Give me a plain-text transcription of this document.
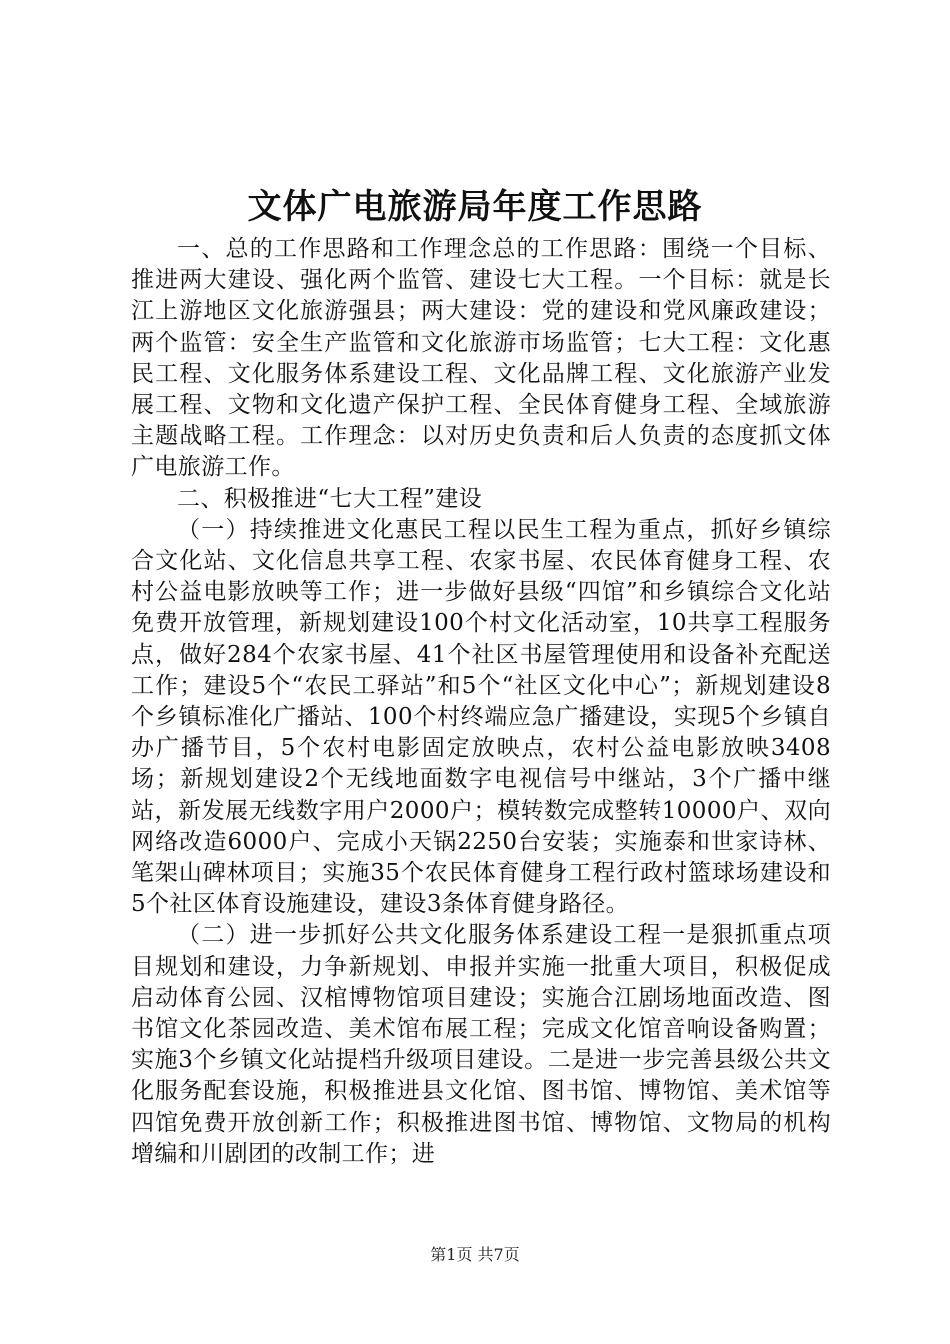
文体广电旅游局年度工作思路

一、总的工作思路和工作理念总的工作思路：围绕一个目标、推进两大建设、强化两个监管、建设七大工程。一个目标：就是长江上游地区文化旅游强县；两大建设：党的建设和党风廉政建设；两个监管：安全生产监管和文化旅游市场监管；七大工程：文化惠民工程、文化服务体系建设工程、文化品牌工程、文化旅游产业发展工程、文物和文化遗产保护工程、全民体育健身工程、全域旅游主题战略工程。工作理念：以对历史负责和后人负责的态度抓文体广电旅游工作。

二、积极推进“七大工程”建设

（一）持续推进文化惠民工程以民生工程为重点，抓好乡镇综合文化站、文化信息共享工程、农家书屋、农民体育健身工程、农村公益电影放映等工作；进一步做好县级“四馆”和乡镇综合文化站免费开放管理，新规划建设100个村文化活动室，10共享工程服务点，做好284个农家书屋、41个社区书屋管理使用和设备补充配送工作；建设5个“农民工驿站”和5个“社区文化中心”；新规划建设8个乡镇标准化广播站、100个村终端应急广播建设，实现5个乡镇自办广播节目，5个农村电影固定放映点，农村公益电影放映3408场；新规划建设2个无线地面数字电视信号中继站，3个广播中继站，新发展无线数字用户2000户；模转数完成整转10000户、双向网络改造6000户、完成小天锅2250台安装；实施泰和世家诗林、笔架山碑林项目；实施35个农民体育健身工程行政村篮球场建设和5个社区体育设施建设，建设3条体育健身路径。

（二）进一步抓好公共文化服务体系建设工程一是狠抓重点项目规划和建设，力争新规划、申报并实施一批重大项目，积极促成启动体育公园、汉棺博物馆项目建设；实施合江剧场地面改造、图书馆文化茶园改造、美术馆布展工程；完成文化馆音响设备购置；实施3个乡镇文化站提档升级项目建设。二是进一步完善县级公共文化服务配套设施，积极推进县文化馆、图书馆、博物馆、美术馆等四馆免费开放创新工作；积极推进图书馆、博物馆、文物局的机构增编和川剧团的改制工作；进

第1页 共7页
